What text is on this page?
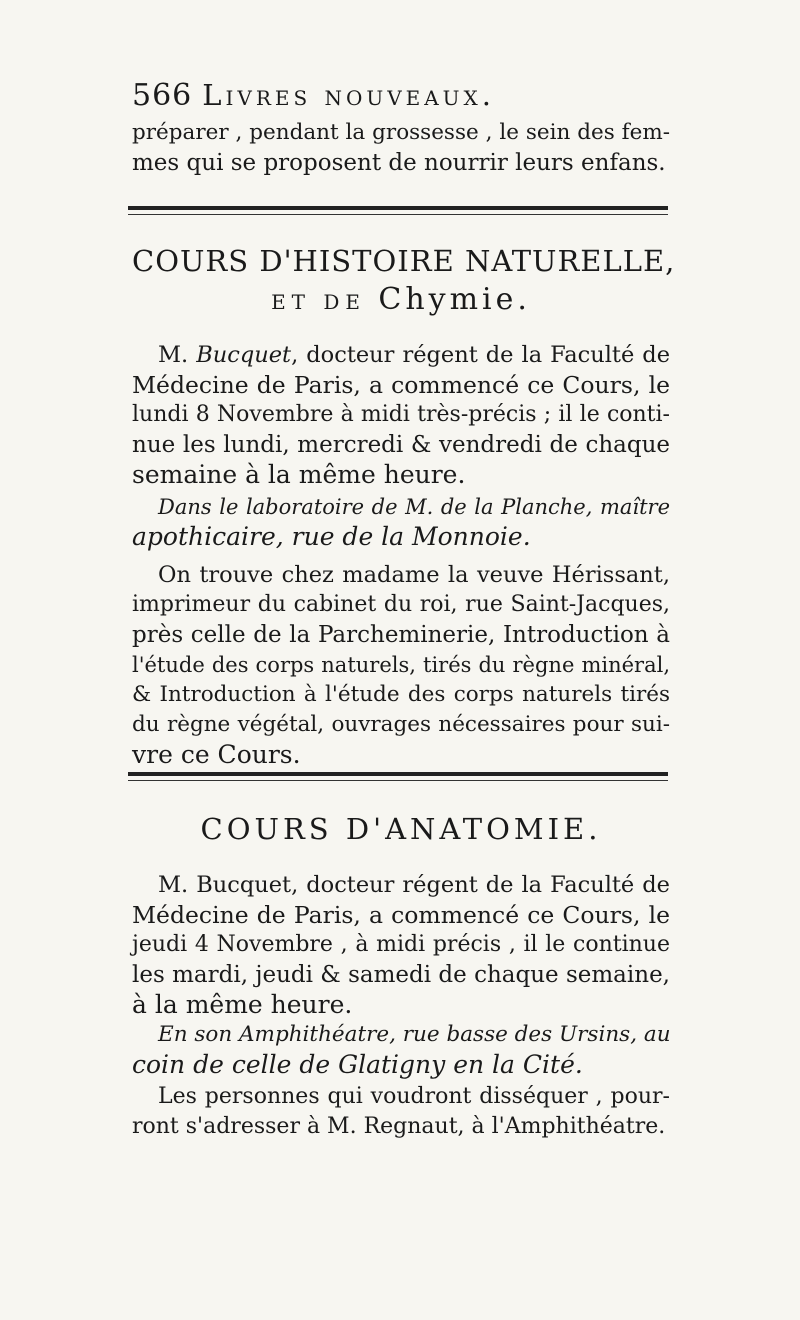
566 Livres nouveaux.
préparer , pendant la grossesse , le sein des fem-
mes qui se proposent de nourrir leurs enfans.
COURS D'HISTOIRE NATURELLE,
ET DE Chymie.
M. Bucquet, docteur régent de la Faculté de
Médecine de Paris, a commencé ce Cours, le
lundi 8 Novembre à midi très-précis ; il le conti-
nue les lundi, mercredi & vendredi de chaque
semaine à la même heure.
Dans le laboratoire de M. de la Planche, maître
apothicaire, rue de la Monnoie.
On trouve chez madame la veuve Hérissant,
imprimeur du cabinet du roi, rue Saint-Jacques,
près celle de la Parcheminerie, Introduction à
l'étude des corps naturels, tirés du règne minéral,
& Introduction à l'étude des corps naturels tirés
du règne végétal, ouvrages nécessaires pour sui-
vre ce Cours.
COURS D'ANATOMIE.
M. Bucquet, docteur régent de la Faculté de
Médecine de Paris, a commencé ce Cours, le
jeudi 4 Novembre , à midi précis , il le continue
les mardi, jeudi & samedi de chaque semaine,
à la même heure.
En son Amphithéatre, rue basse des Ursins, au
coin de celle de Glatigny en la Cité.
Les personnes qui voudront disséquer , pour-
ront s'adresser à M. Regnaut, à l'Amphithéatre.
